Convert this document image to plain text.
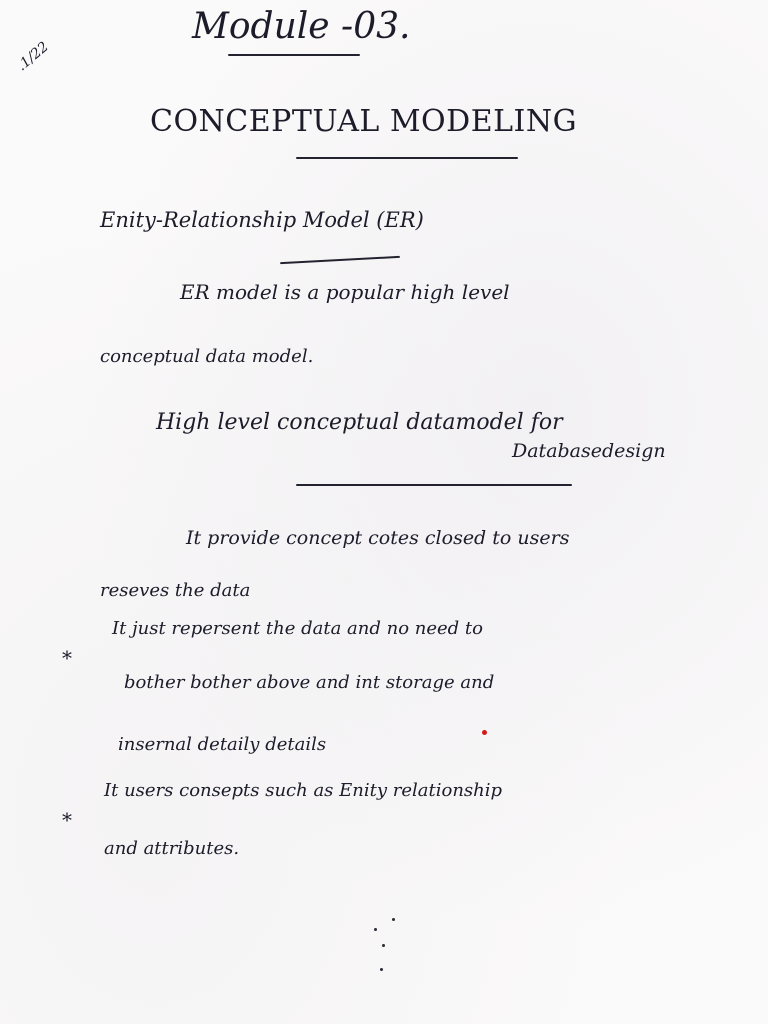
.1/22
Module -03.
CONCEPTUAL MODELING
Enity-Relationship Model (ER)
ER model is a popular high level
conceptual data model.
High level conceptual datamodel for
Databasedesign
It provide concept cotes closed to users
reseves the data
*
It just repersent the data and no need to
bother bother above and int storage and
insernal detaily details
*
It users consepts such as Enity relationship
and attributes.
